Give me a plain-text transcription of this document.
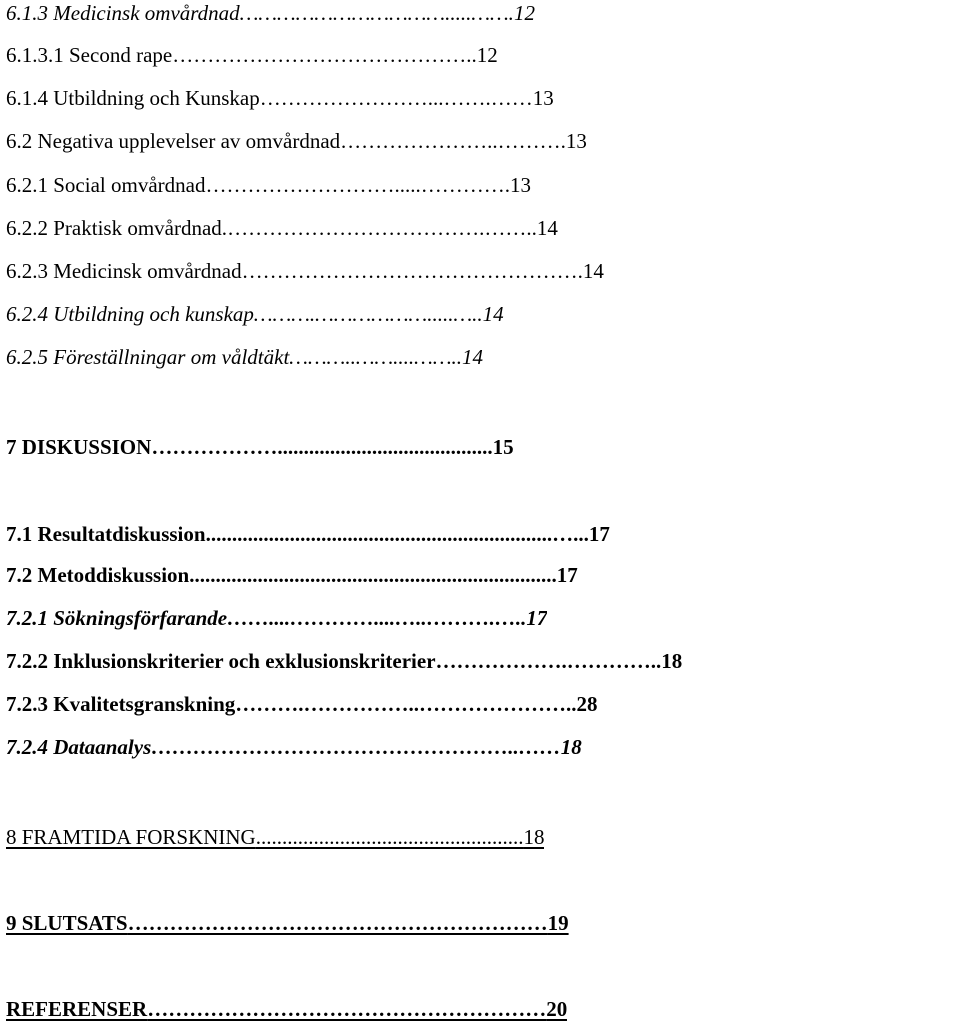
6.1.3 Medicinsk omvårdnad…………………………….....…….12
6.1.3.1 Second rape……………………………………..12
6.1.4 Utbildning och Kunskap……………………...…….……13
6.2 Negativa upplevelser av omvårdnad…………………..……….13
6.2.1 Social omvårdnad……………………….....………….13
6.2.2 Praktisk omvårdnad.……………………………….……..14
6.2.3 Medicinsk omvårdnad………………………………………….14
6.2.4 Utbildning och kunskap……….……………….....…..14
6.2.5 Föreställningar om våldtäkt………..……....……..14
7 DISKUSSION……………….........................................15
7.1 Resultatdiskussion..................................................................…...17
7.2 Metoddiskussion......................................................................17
7.2.1 Sökningsförfarande……....…………....…..……….…..17
7.2.2 Inklusionskriterier och exklusionskriterier……………….…………..18
7.2.3 Kvalitetsgranskning……….……………..…………………..28
7.2.4 Dataanalys……………………………………………..……18
8 FRAMTIDA FORSKNING...................................................18
9 SLUTSATS……………………………………………………19
REFERENSER…………………………………………………20
